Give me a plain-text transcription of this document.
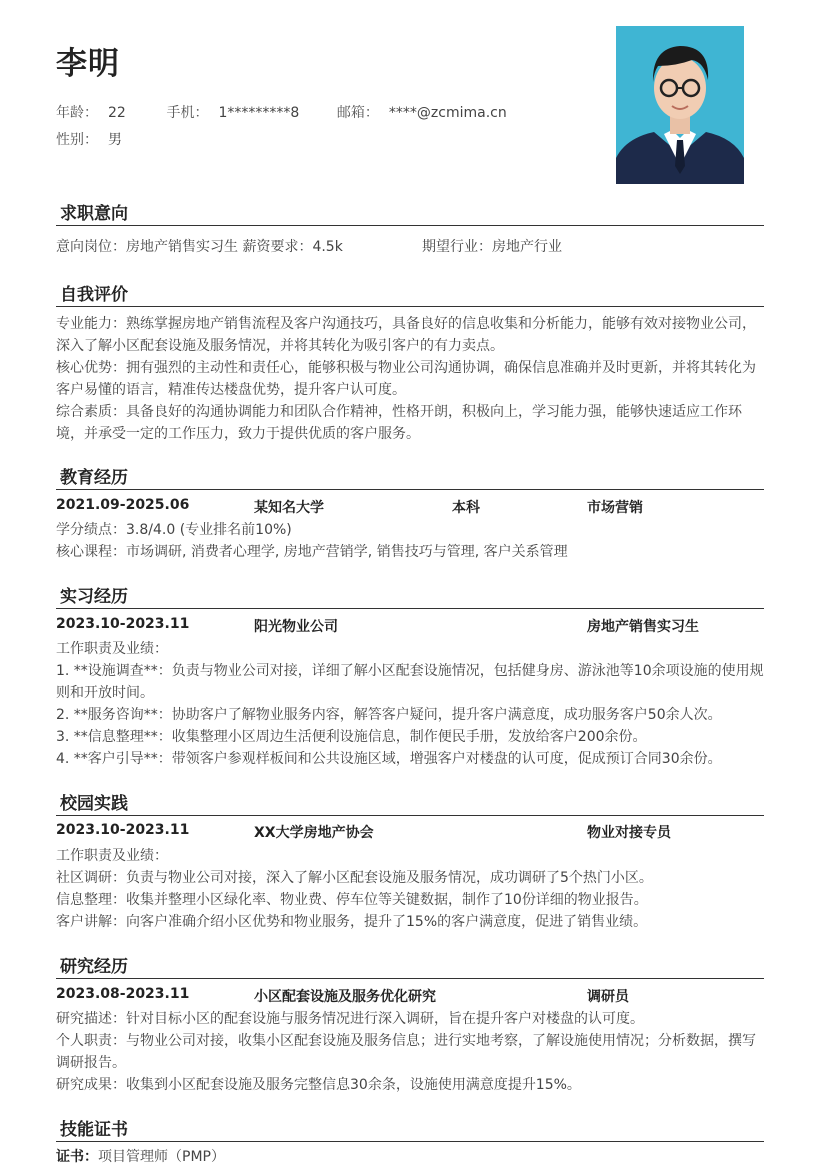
李明
年龄： 22	手机： 1*********8	邮箱： ****@zcmima.cn
性别： 男
求职意向
意向岗位：房地产销售实习生 薪资要求：4.5k	期望行业：房地产行业
自我评价
专业能力：熟练掌握房地产销售流程及客户沟通技巧，具备良好的信息收集和分析能力，能够有效对接物业公司，
深入了解小区配套设施及服务情况，并将其转化为吸引客户的有力卖点。
核心优势：拥有强烈的主动性和责任心，能够积极与物业公司沟通协调，确保信息准确并及时更新，并将其转化为
客户易懂的语言，精准传达楼盘优势，提升客户认可度。
综合素质：具备良好的沟通协调能力和团队合作精神，性格开朗，积极向上，学习能力强，能够快速适应工作环
境，并承受一定的工作压力，致力于提供优质的客户服务。
教育经历
2021.09-2025.06	某知名大学	本科	市场营销
学分绩点：3.8/4.0 (专业排名前10%)
核心课程：市场调研, 消费者心理学, 房地产营销学, 销售技巧与管理, 客户关系管理
实习经历
2023.10-2023.11	阳光物业公司	房地产销售实习生
工作职责及业绩：
1. **设施调查**：负责与物业公司对接，详细了解小区配套设施情况，包括健身房、游泳池等10余项设施的使用规
则和开放时间。
2. **服务咨询**：协助客户了解物业服务内容，解答客户疑问，提升客户满意度，成功服务客户50余人次。
3. **信息整理**：收集整理小区周边生活便利设施信息，制作便民手册，发放给客户200余份。
4. **客户引导**：带领客户参观样板间和公共设施区域，增强客户对楼盘的认可度，促成预订合同30余份。
校园实践
2023.10-2023.11	XX大学房地产协会	物业对接专员
工作职责及业绩：
社区调研：负责与物业公司对接，深入了解小区配套设施及服务情况，成功调研了5个热门小区。
信息整理：收集并整理小区绿化率、物业费、停车位等关键数据，制作了10份详细的物业报告。
客户讲解：向客户准确介绍小区优势和物业服务，提升了15%的客户满意度，促进了销售业绩。
研究经历
2023.08-2023.11	小区配套设施及服务优化研究	调研员
研究描述：针对目标小区的配套设施与服务情况进行深入调研，旨在提升客户对楼盘的认可度。
个人职责：与物业公司对接，收集小区配套设施及服务信息；进行实地考察，了解设施使用情况；分析数据，撰写
调研报告。
研究成果：收集到小区配套设施及服务完整信息30余条，设施使用满意度提升15%。
技能证书
证书：项目管理师（PMP）
